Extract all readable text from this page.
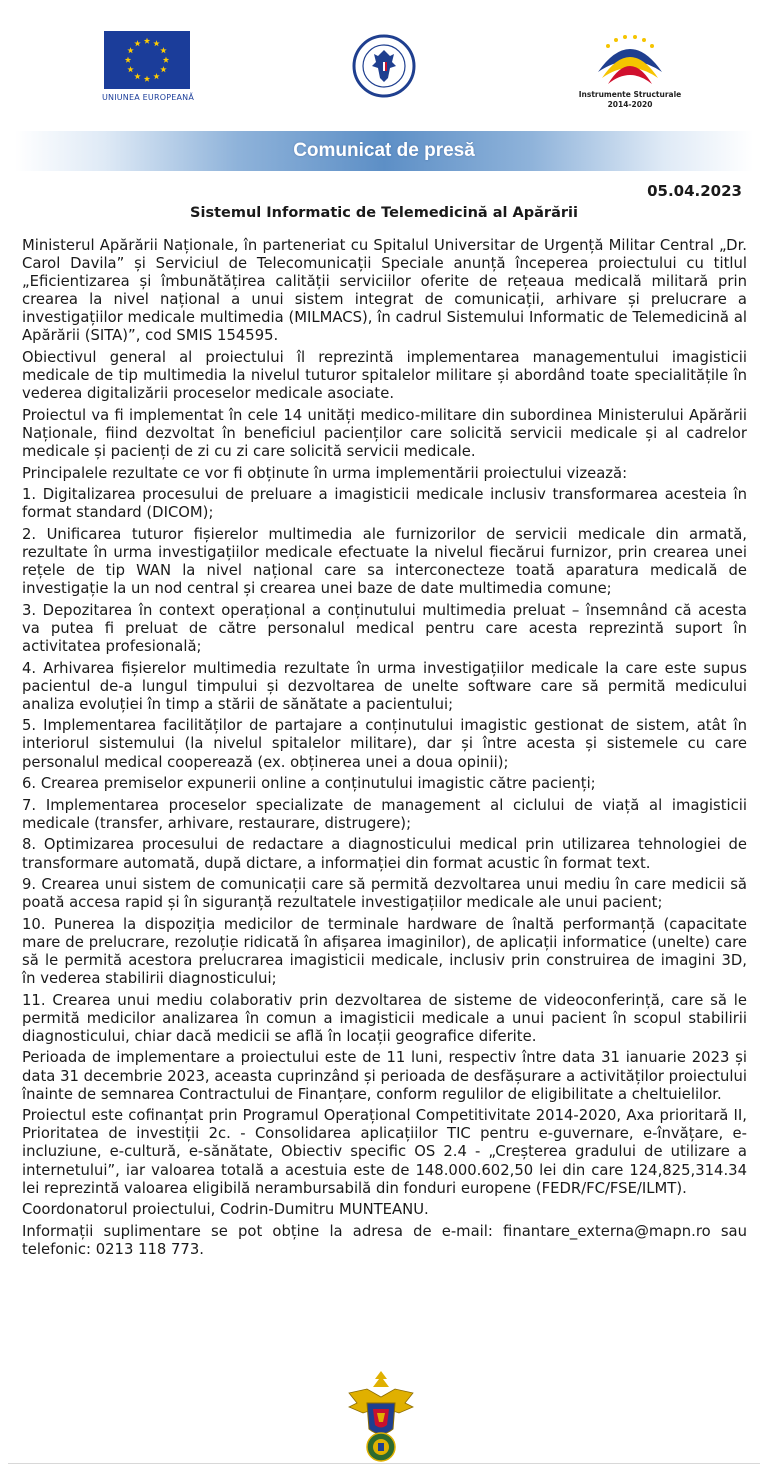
UNIUNEA EUROPEANĂ	Instrumente Structurale
2014-2020
Comunicat de presă
05.04.2023
Sistemul Informatic de Telemedicină al Apărării

Ministerul Apărării Naționale, în parteneriat cu Spitalul Universitar de Urgență Militar Central „Dr. Carol Davila” și Serviciul de Telecomunicații Speciale anunță începerea proiectului cu titlul „Eficientizarea și îmbunătățirea calității serviciilor oferite de rețeaua medicală militară prin crearea la nivel național a unui sistem integrat de comunicații, arhivare și prelucrare a investigațiilor medicale multimedia (MILMACS), în cadrul Sistemului Informatic de Telemedicină al Apărării (SITA)”, cod SMIS 154595.

Obiectivul general al proiectului îl reprezintă implementarea managementului imagisticii medicale de tip multimedia la nivelul tuturor spitalelor militare și abordând toate specialitățile în vederea digitalizării proceselor medicale asociate.

Proiectul va fi implementat în cele 14 unități medico-militare din subordinea Ministerului Apărării Naționale, fiind dezvoltat în beneficiul pacienților care solicită servicii medicale și al cadrelor medicale și pacienți de zi cu zi care solicită servicii medicale.

Principalele rezultate ce vor fi obținute în urma implementării proiectului vizează:

1. Digitalizarea procesului de preluare a imagisticii medicale inclusiv transformarea acesteia în format standard (DICOM);

2. Unificarea tuturor fișierelor multimedia ale furnizorilor de servicii medicale din armată, rezultate în urma investigațiilor medicale efectuate la nivelul fiecărui furnizor, prin crearea unei rețele de tip WAN la nivel național care sa interconecteze toată aparatura medicală de investigație la un nod central și crearea unei baze de date multimedia comune;

3. Depozitarea în context operațional a conținutului multimedia preluat – însemnând că acesta va putea fi preluat de către personalul medical pentru care acesta reprezintă suport în activitatea profesională;

4. Arhivarea fișierelor multimedia rezultate în urma investigațiilor medicale la care este supus pacientul de-a lungul timpului și dezvoltarea de unelte software care să permită medicului analiza evoluției în timp a stării de sănătate a pacientului;

5. Implementarea facilităților de partajare a conținutului imagistic gestionat de sistem, atât în interiorul sistemului (la nivelul spitalelor militare), dar și între acesta și sistemele cu care personalul medical cooperează (ex. obținerea unei a doua opinii);

6. Crearea premiselor expunerii online a conținutului imagistic către pacienți;

7. Implementarea proceselor specializate de management al ciclului de viață al imagisticii medicale (transfer, arhivare, restaurare, distrugere);

8. Optimizarea procesului de redactare a diagnosticului medical prin utilizarea tehnologiei de transformare automată, după dictare, a informației din format acustic în format text.

9. Crearea unui sistem de comunicații care să permită dezvoltarea unui mediu în care medicii să poată accesa rapid și în siguranță rezultatele investigațiilor medicale ale unui pacient;

10. Punerea la dispoziția medicilor de terminale hardware de înaltă performanță (capacitate mare de prelucrare, rezoluție ridicată în afișarea imaginilor), de aplicații informatice (unelte) care să le permită acestora prelucrarea imagisticii medicale, inclusiv prin construirea de imagini 3D, în vederea stabilirii diagnosticului;

11. Crearea unui mediu colaborativ prin dezvoltarea de sisteme de videoconferință, care să le permită medicilor analizarea în comun a imagisticii medicale a unui pacient în scopul stabilirii diagnosticului, chiar dacă medicii se află în locații geografice diferite.

Perioada de implementare a proiectului este de 11 luni, respectiv între data 31 ianuarie 2023 și data 31 decembrie 2023, aceasta cuprinzând și perioada de desfășurare a activităților proiectului înainte de semnarea Contractului de Finanțare, conform regulilor de eligibilitate a cheltuielilor.

Proiectul este cofinanțat prin Programul Operațional Competitivitate 2014-2020, Axa prioritară II, Prioritatea de investiții 2c. - Consolidarea aplicațiilor TIC pentru e-guvernare, e-învățare, e-incluziune, e-cultură, e-sănătate, Obiectiv specific OS 2.4 - „Creșterea gradului de utilizare a internetului”, iar valoarea totală a acestuia este de 148.000.602,50 lei din care 124,825,314.34 lei reprezintă valoarea eligibilă nerambursabilă din fonduri europene (FEDR/FC/FSE/ILMT).

Coordonatorul proiectului, Codrin-Dumitru MUNTEANU.

Informații suplimentare se pot obține la adresa de e-mail: finantare_externa@mapn.ro sau telefonic: 0213 118 773.
